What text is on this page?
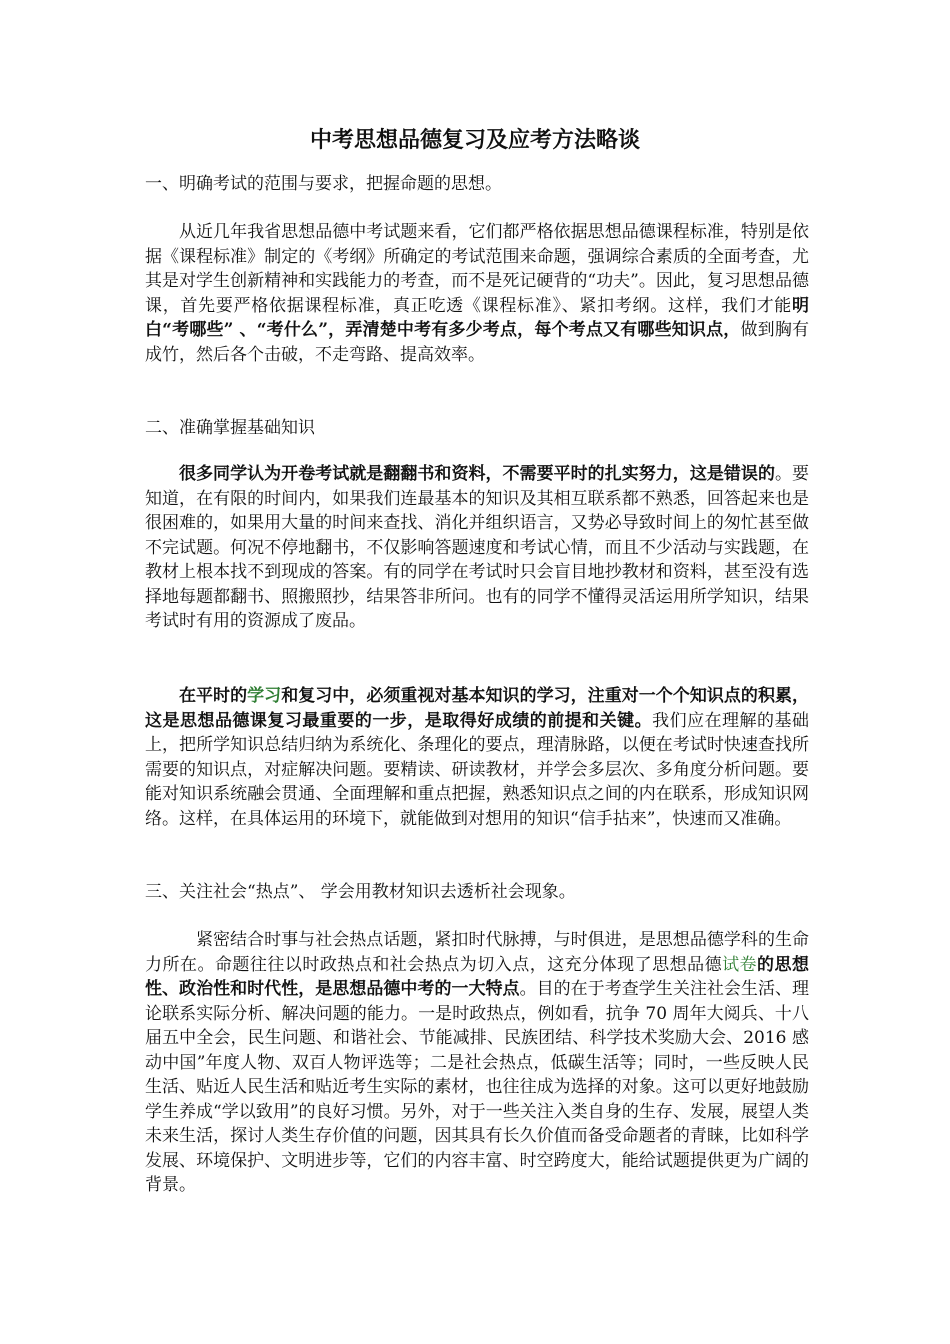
中考思想品德复习及应考方法略谈

一、明确考试的范围与要求，把握命题的思想。

从近几年我省思想品德中考试题来看，它们都严格依据思想品德课程标准，特别是依据《课程标准》制定的《考纲》所确定的考试范围来命题，强调综合素质的全面考查，尤其是对学生创新精神和实践能力的考查，而不是死记硬背的“功夫”。因此，复习思想品德课，首先要严格依据课程标准，真正吃透《课程标准》、紧扣考纲。这样，我们才能明白“考哪些” 、“考什么”，弄清楚中考有多少考点，每个考点又有哪些知识点，做到胸有成竹，然后各个击破，不走弯路、提高效率。

二、准确掌握基础知识

很多同学认为开卷考试就是翻翻书和资料，不需要平时的扎实努力，这是错误的。要知道，在有限的时间内，如果我们连最基本的知识及其相互联系都不熟悉，回答起来也是很困难的，如果用大量的时间来查找、消化并组织语言，又势必导致时间上的匆忙甚至做不完试题。何况不停地翻书，不仅影响答题速度和考试心情，而且不少活动与实践题，在教材上根本找不到现成的答案。有的同学在考试时只会盲目地抄教材和资料，甚至没有选择地每题都翻书、照搬照抄，结果答非所问。也有的同学不懂得灵活运用所学知识，结果考试时有用的资源成了废品。

在平时的学习和复习中，必须重视对基本知识的学习，注重对一个个知识点的积累，这是思想品德课复习最重要的一步，是取得好成绩的前提和关键。我们应在理解的基础上，把所学知识总结归纳为系统化、条理化的要点，理清脉路，以便在考试时快速查找所需要的知识点，对症解决问题。要精读、研读教材，并学会多层次、多角度分析问题。要能对知识系统融会贯通、全面理解和重点把握，熟悉知识点之间的内在联系，形成知识网络。这样，在具体运用的环境下，就能做到对想用的知识“信手拈来”，快速而又准确。

三、关注社会“热点”、 学会用教材知识去透析社会现象。

紧密结合时事与社会热点话题，紧扣时代脉搏，与时俱进，是思想品德学科的生命力所在。命题往往以时政热点和社会热点为切入点，这充分体现了思想品德试卷的思想性、政治性和时代性，是思想品德中考的一大特点。目的在于考查学生关注社会生活、理论联系实际分析、解决问题的能力。一是时政热点，例如看，抗争 70 周年大阅兵、十八届五中全会，民生问题、和谐社会、节能减排、民族团结、科学技术奖励大会、2016 感动中国”年度人物、双百人物评选等；二是社会热点，低碳生活等；同时，一些反映人民生活、贴近人民生活和贴近考生实际的素材，也往往成为选择的对象。这可以更好地鼓励学生养成“学以致用”的良好习惯。另外，对于一些关注入类自身的生存、发展，展望人类未来生活，探讨人类生存价值的问题，因其具有长久价值而备受命题者的青睐，比如科学发展、环境保护、文明进步等，它们的内容丰富、时空跨度大，能给试题提供更为广阔的背景。
